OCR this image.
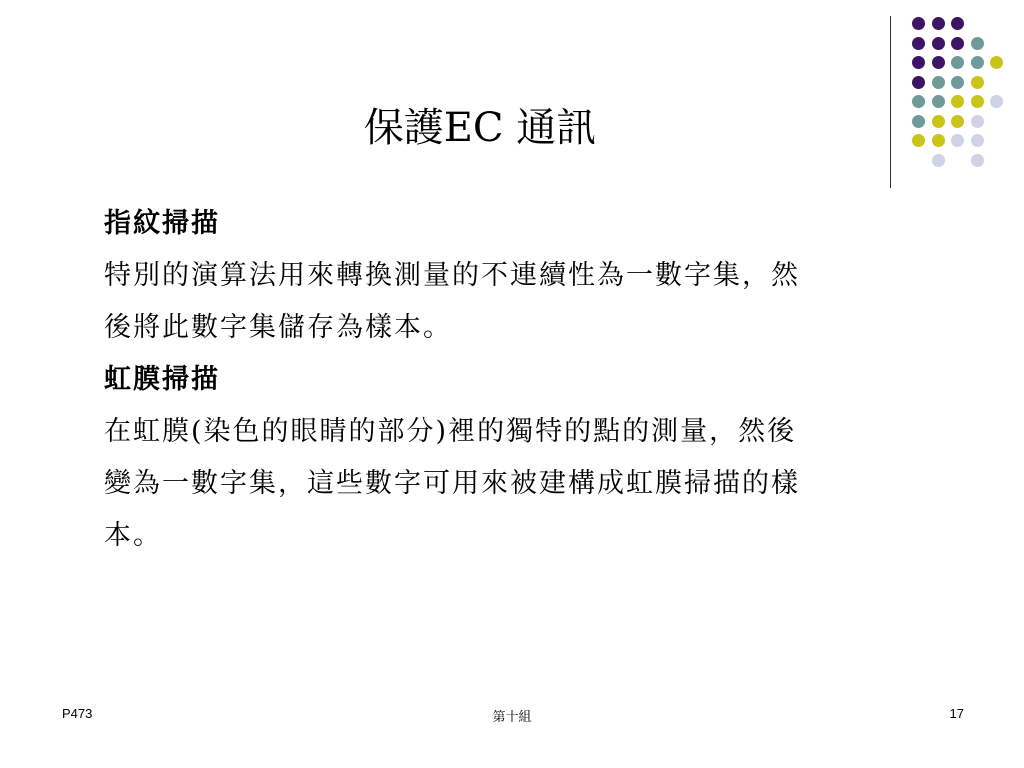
保護EC 通訊

指紋掃描

特別的演算法用來轉換測量的不連續性為一數字集，然

後將此數字集儲存為樣本。

虹膜掃描

在虹膜(染色的眼睛的部分)裡的獨特的點的測量，然後

變為一數字集，這些數字可用來被建構成虹膜掃描的樣

本。

P473	第十組	17
